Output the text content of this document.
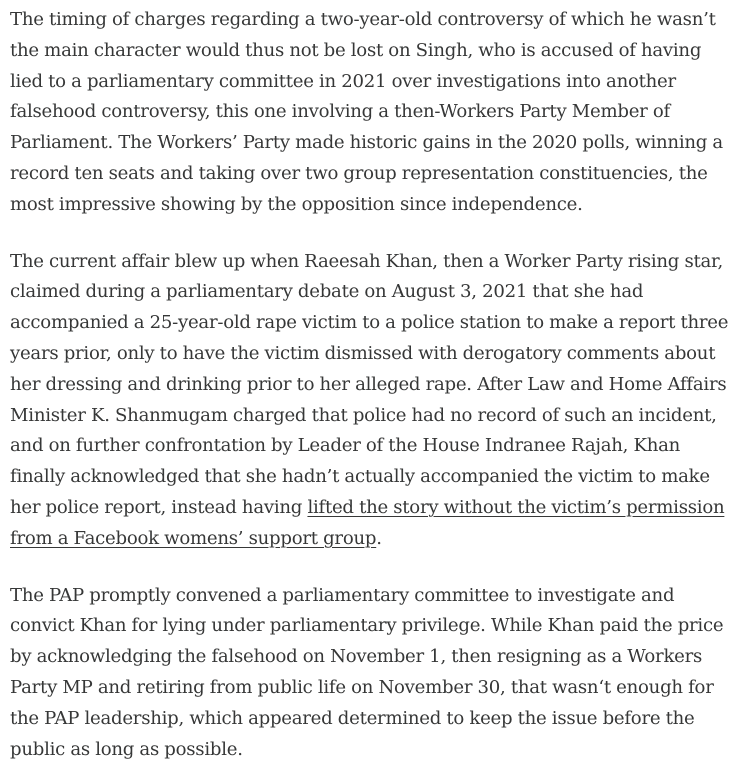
The timing of charges regarding a two-year-old controversy of which he wasn’t the main character would thus not be lost on Singh, who is accused of having lied to a parliamentary committee in 2021 over investigations into another falsehood controversy, this one involving a then-Workers Party Member of Parliament. The Workers’ Party made historic gains in the 2020 polls, winning a record ten seats and taking over two group representation constituencies, the most impressive showing by the opposition since independence.

The current affair blew up when Raeesah Khan, then a Worker Party rising star, claimed during a parliamentary debate on August 3, 2021 that she had accompanied a 25-year-old rape victim to a police station to make a report three years prior, only to have the victim dismissed with derogatory comments about her dressing and drinking prior to her alleged rape. After Law and Home Affairs Minister K. Shanmugam charged that police had no record of such an incident, and on further confrontation by Leader of the House Indranee Rajah, Khan finally acknowledged that she hadn’t actually accompanied the victim to make her police report, instead having lifted the story without the victim’s permission from a Facebook womens’ support group.

The PAP promptly convened a parliamentary committee to investigate and convict Khan for lying under parliamentary privilege. While Khan paid the price by acknowledging the falsehood on November 1, then resigning as a Workers Party MP and retiring from public life on November 30, that wasn‘t enough for the PAP leadership, which appeared determined to keep the issue before the public as long as possible.
